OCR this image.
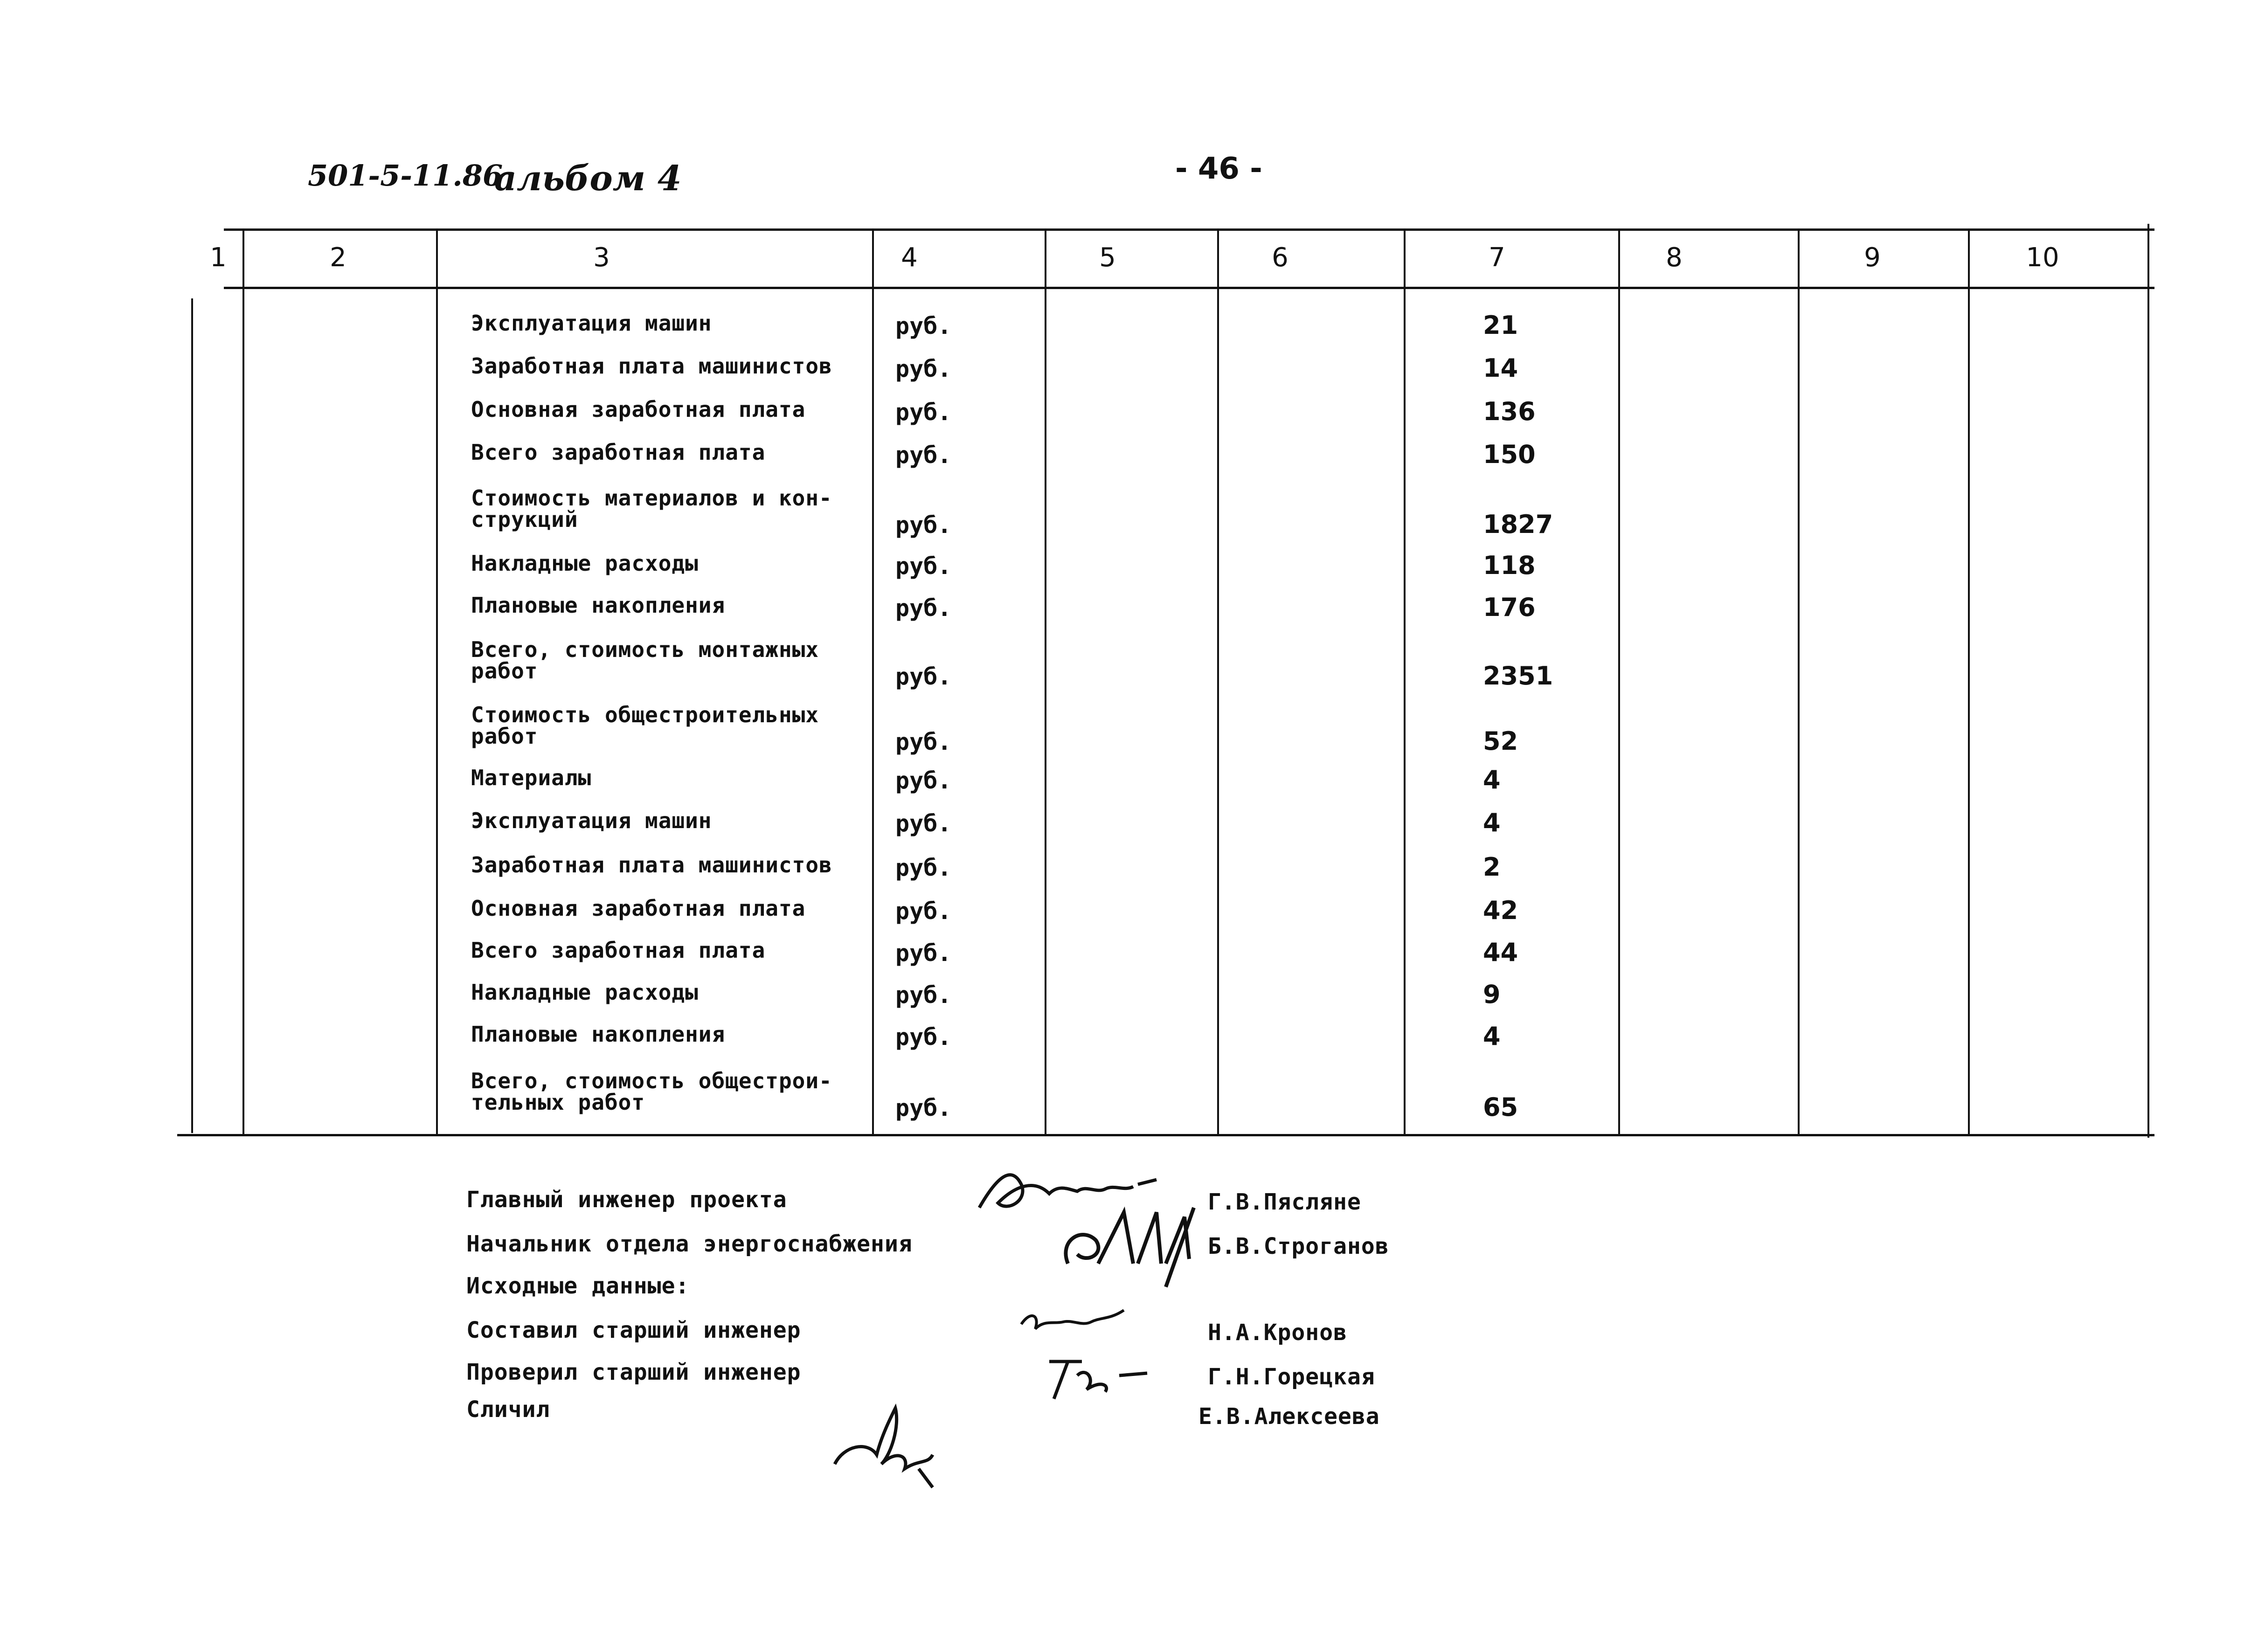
501-5-11.86
альбом 4	- 46 -
1	2	3	4	5	6	7	8	9	10
Эксплуатация машин	руб.	21
Заработная плата машинистов	руб.	14
Основная заработная плата	руб.	136
Всего заработная плата	руб.	150
Стоимость материалов и кон-
струкций	руб.	1827
Накладные расходы	руб.	118
Плановые накопления	руб.	176
Всего, стоимость монтажных
работ	руб.	2351
Стоимость общестроительных
работ	руб.	52
Материалы	руб.	4
Эксплуатация машин	руб.	4
Заработная плата машинистов	руб.	2
Основная заработная плата	руб.	42
Всего заработная плата	руб.	44
Накладные расходы	руб.	9
Плановые накопления	руб.	4
Всего, стоимость общестрои-
тельных работ	руб.	65
Главный инженер проекта	Г.В.Пясляне
Начальник отдела энергоснабжения	Б.В.Строганов
Исходные данные:
Составил старший инженер	Н.А.Кронов
Проверил старший инженер	Г.Н.Горецкая
Сличил	Е.В.Алексеева
